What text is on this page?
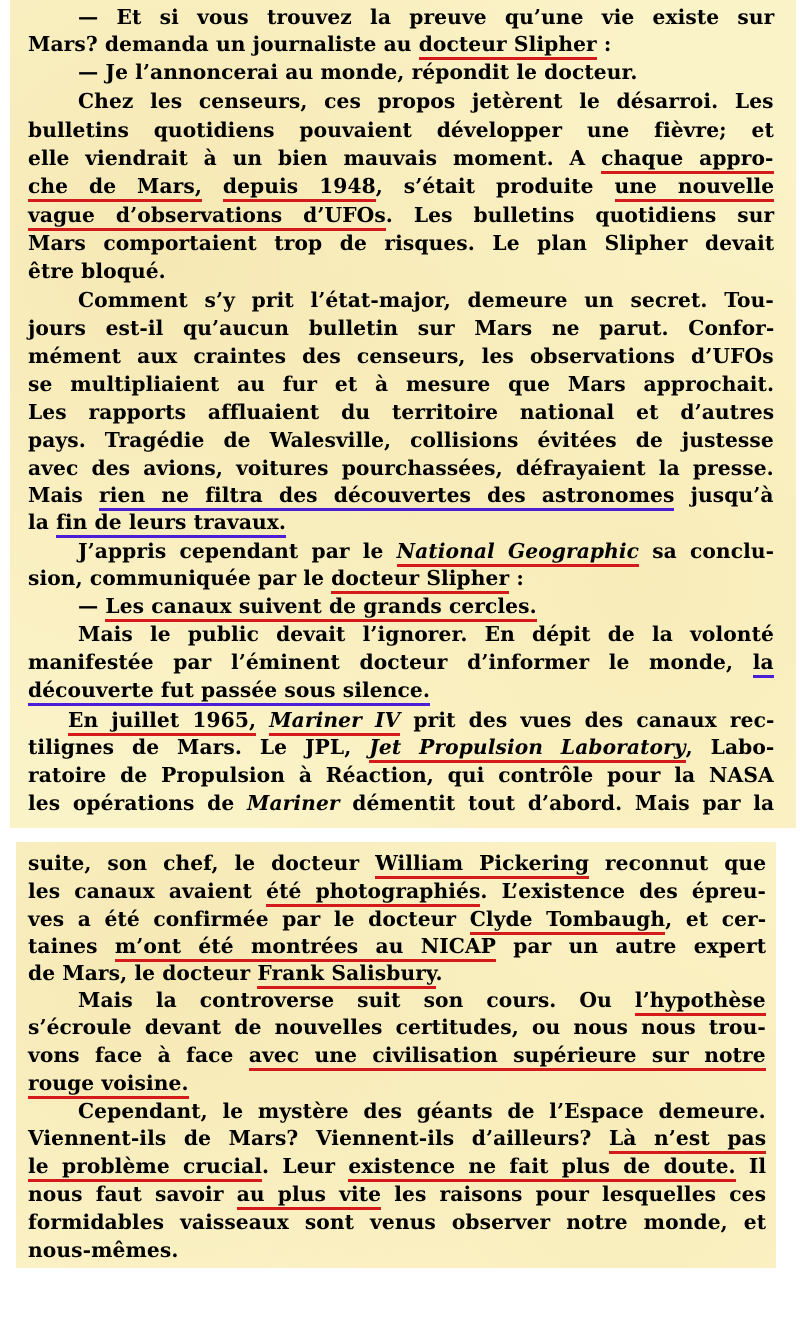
— Et si vous trouvez la preuve qu’une vie existe sur
Mars? demanda un journaliste au docteur Slipher :
— Je l’annoncerai au monde, répondit le docteur.
Chez les censeurs, ces propos jetèrent le désarroi. Les
bulletins quotidiens pouvaient développer une fièvre; et
elle viendrait à un bien mauvais moment. A chaque appro-
che de Mars, depuis 1948, s’était produite une nouvelle
vague d’observations d’UFOs. Les bulletins quotidiens sur
Mars comportaient trop de risques. Le plan Slipher devait
être bloqué.
Comment s’y prit l’état-major, demeure un secret. Tou-
jours est-il qu’aucun bulletin sur Mars ne parut. Confor-
mément aux craintes des censeurs, les observations d’UFOs
se multipliaient au fur et à mesure que Mars approchait.
Les rapports affluaient du territoire national et d’autres
pays. Tragédie de Walesville, collisions évitées de justesse
avec des avions, voitures pourchassées, défrayaient la presse.
Mais rien ne filtra des découvertes des astronomes jusqu’à
la fin de leurs travaux.
J’appris cependant par le National Geographic sa conclu-
sion, communiquée par le docteur Slipher :
— Les canaux suivent de grands cercles.
Mais le public devait l’ignorer. En dépit de la volonté
manifestée par l’éminent docteur d’informer le monde, la
découverte fut passée sous silence.
En juillet 1965, Mariner IV prit des vues des canaux rec-
tilignes de Mars. Le JPL, Jet Propulsion Laboratory, Labo-
ratoire de Propulsion à Réaction, qui contrôle pour la NASA
les opérations de Mariner démentit tout d’abord. Mais par la
suite, son chef, le docteur William Pickering reconnut que
les canaux avaient été photographiés. L’existence des épreu-
ves a été confirmée par le docteur Clyde Tombaugh, et cer-
taines m’ont été montrées au NICAP par un autre expert
de Mars, le docteur Frank Salisbury.
Mais la controverse suit son cours. Ou l’hypothèse
s’écroule devant de nouvelles certitudes, ou nous nous trou-
vons face à face avec une civilisation supérieure sur notre
rouge voisine.
Cependant, le mystère des géants de l’Espace demeure.
Viennent-ils de Mars? Viennent-ils d’ailleurs? Là n’est pas
le problème crucial. Leur existence ne fait plus de doute. Il
nous faut savoir au plus vite les raisons pour lesquelles ces
formidables vaisseaux sont venus observer notre monde, et
nous-mêmes.
